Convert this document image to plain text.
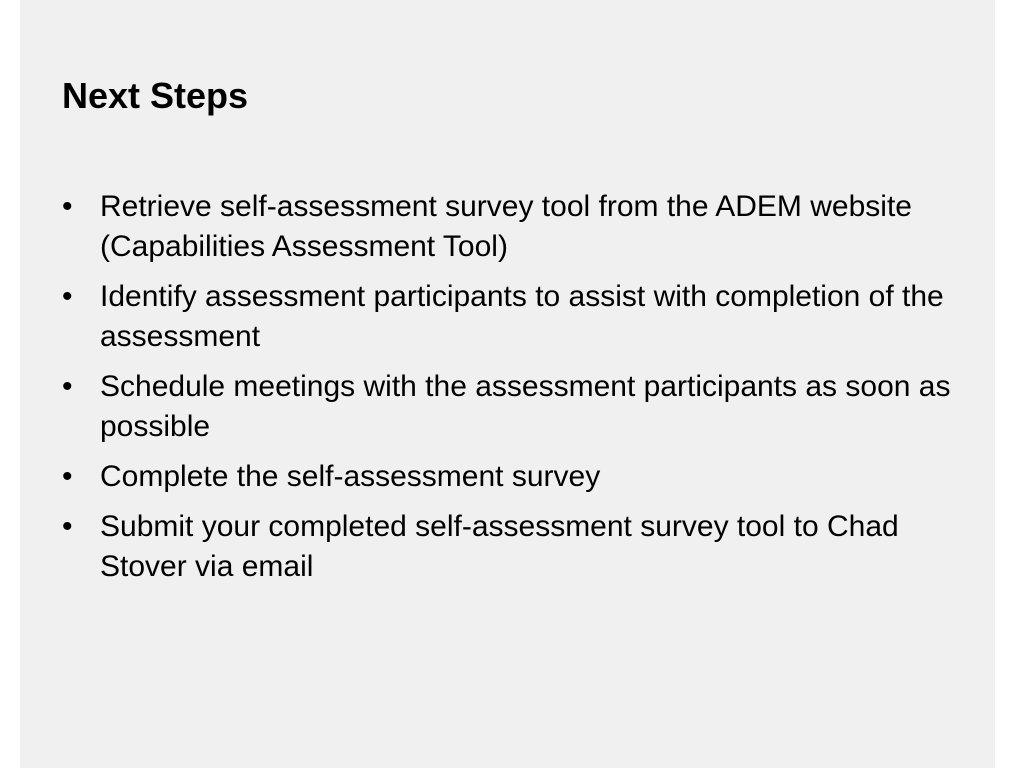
Next Steps
• Retrieve self-assessment survey tool from the ADEM website (Capabilities Assessment Tool)
• Identify assessment participants to assist with completion of the assessment
• Schedule meetings with the assessment participants as soon as possible
• Complete the self-assessment survey
• Submit your completed self-assessment survey tool to Chad Stover via email
